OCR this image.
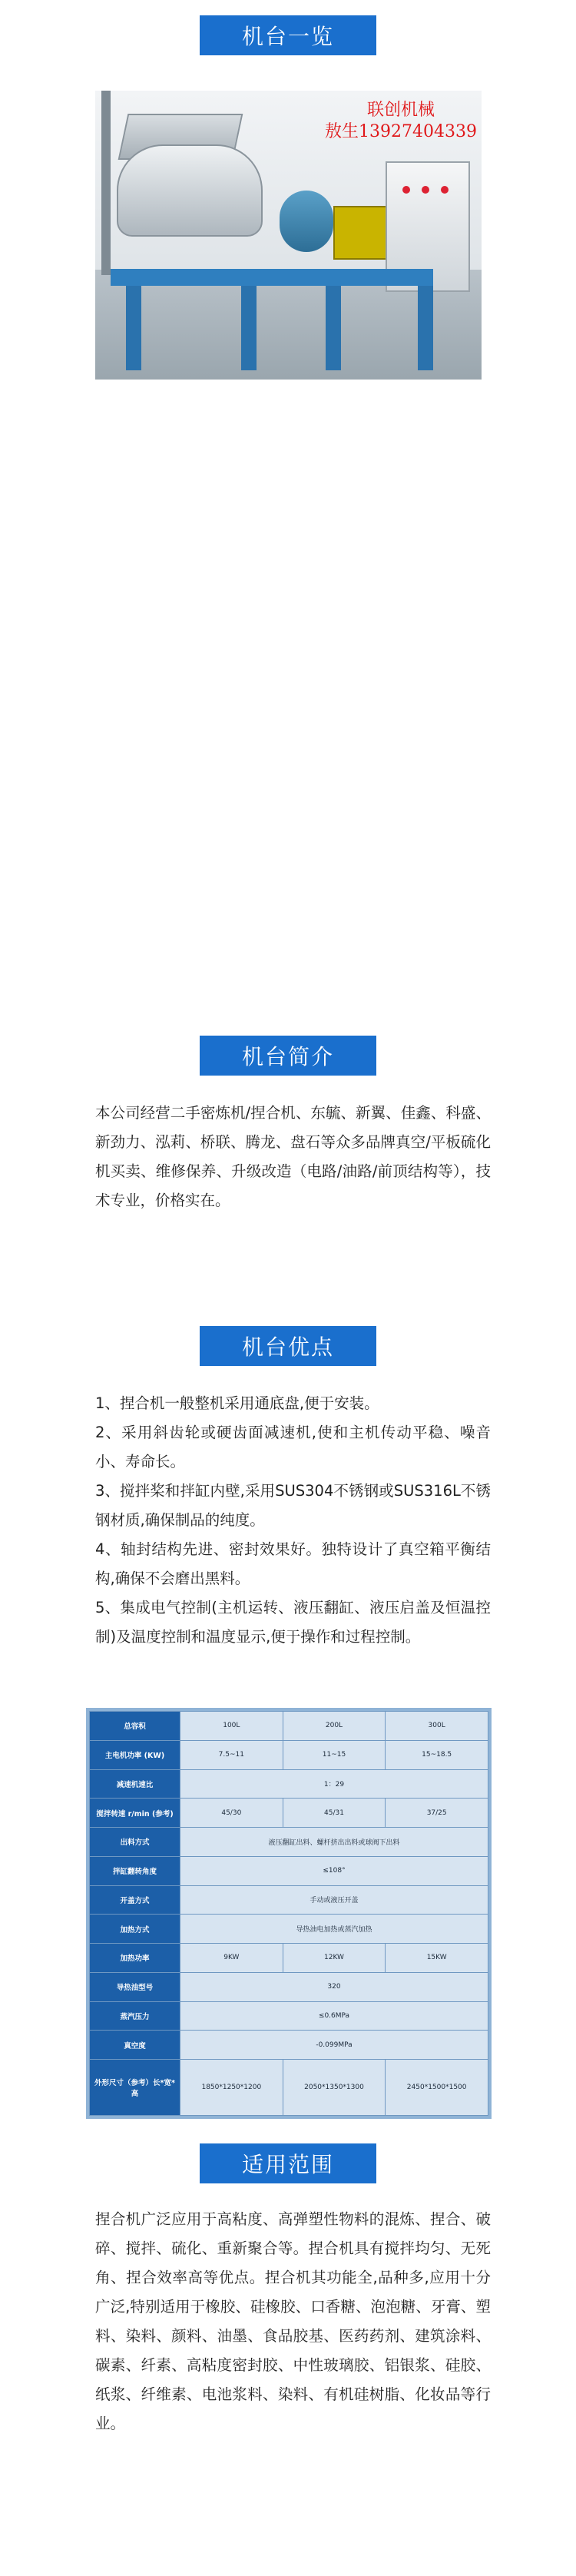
机台一览
联创机械
敖生13927404339
机台简介
本公司经营二手密炼机/捏合机、东毓、新翼、佳鑫、科盛、新劲力、泓莉、桥联、腾龙、盘石等众多品牌真空/平板硫化机买卖、维修保养、升级改造（电路/油路/前顶结构等），技术专业，价格实在。
机台优点
1、捏合机一般整机采用通底盘,便于安装。
2、采用斜齿轮或硬齿面减速机,使和主机传动平稳、噪音小、寿命长。
3、搅拌桨和拌缸内壁,采用SUS304不锈钢或SUS316L不锈钢材质,确保制品的纯度。
4、轴封结构先进、密封效果好。独特设计了真空箱平衡结构,确保不会磨出黑料。
5、集成电气控制(主机运转、液压翻缸、液压启盖及恒温控制)及温度控制和温度显示,便于操作和过程控制。
总容积	100L	200L	300L
主电机功率 (KW)	7.5~11	11~15	15~18.5
减速机速比	1：29		
搅拌转速 r/min (参考)	45/30	45/31	37/25
出料方式	液压翻缸出料、螺杆挤出出料或球阀下出料		
拌缸翻转角度	≤108°		
开盖方式	手动或液压开盖		
加热方式	导热油电加热或蒸汽加热		
加热功率	9KW	12KW	15KW
导热油型号	320		
蒸汽压力	≤0.6MPa		
真空度	-0.099MPa		
外形尺寸（参考）长*宽*高	1850*1250*1200	2050*1350*1300	2450*1500*1500
适用范围
捏合机广泛应用于高粘度、高弹塑性物料的混炼、捏合、破碎、搅拌、硫化、重新聚合等。捏合机具有搅拌均匀、无死角、捏合效率高等优点。捏合机其功能全,品种多,应用十分广泛,特别适用于橡胶、硅橡胶、口香糖、泡泡糖、牙膏、塑料、染料、颜料、油墨、食品胶基、医药药剂、建筑涂料、碳素、纤素、高粘度密封胶、中性玻璃胶、铝银浆、硅胶、纸浆、纤维素、电池浆料、染料、有机硅树脂、化妆品等行业。
